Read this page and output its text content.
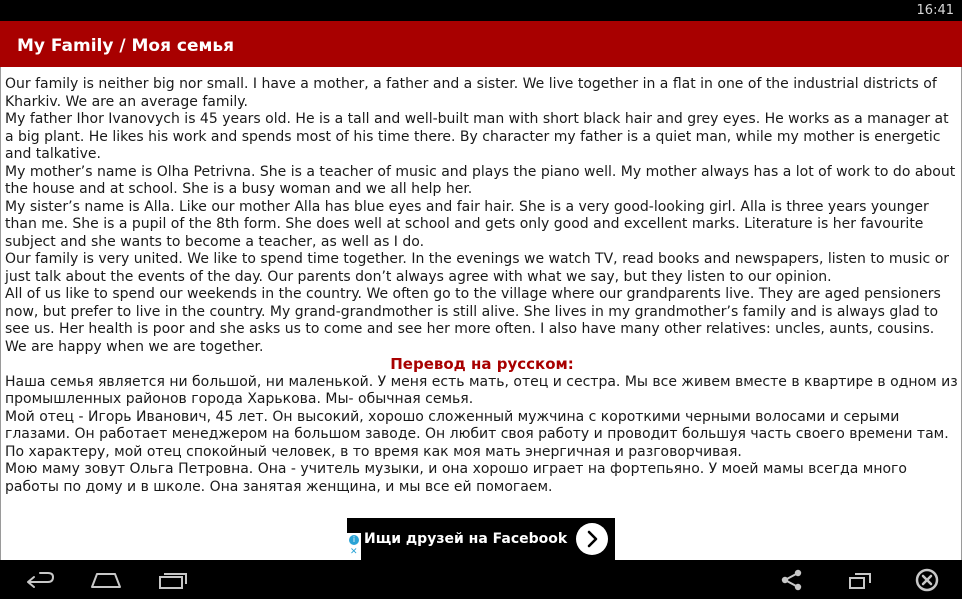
16:41
My Family / Моя семья

Our family is neither big nor small. I have a mother, a father and a sister. We live together in a flat in one of the industrial districts of Kharkiv. We are an average family.

My father Ihor Ivanovych is 45 years old. He is a tall and well-built man with short black hair and grey eyes. He works as a manager at a big plant. He likes his work and spends most of his time there. By character my father is a quiet man, while my mother is energetic and talkative.

My mother’s name is Olha Petrivna. She is a teacher of music and plays the piano well. My mother always has a lot of work to do about the house and at school. She is a busy woman and we all help her.

My sister’s name is Alla. Like our mother Alla has blue eyes and fair hair. She is a very good-looking girl. Alla is three years younger than me. She is a pupil of the 8th form. She does well at school and gets only good and excellent marks. Literature is her favourite subject and she wants to become a teacher, as well as I do.

Our family is very united. We like to spend time together. In the evenings we watch TV, read books and newspapers, listen to music or just talk about the events of the day. Our parents don’t always agree with what we say, but they listen to our opinion.

All of us like to spend our weekends in the country. We often go to the village where our grandparents live. They are aged pensioners now, but prefer to live in the country. My grand-grandmother is still alive. She lives in my grandmother’s family and is always glad to see us. Her health is poor and she asks us to come and see her more often. I also have many other relatives: uncles, aunts, cousins. We are happy when we are together.

Перевод на русском:

Наша семья является ни большой, ни маленькой. У меня есть мать, отец и сестра. Мы все живем вместе в квартире в одном из промышленных районов города Харькова. Мы- обычная семья.

Мой отец - Игорь Иванович, 45 лет. Он высокий, хорошо сложенный мужчина с короткими черными волосами и серыми глазами. Он работает менеджером на большом заводе. Он любит своя работу и проводит большуя часть своего времени там. По характеру, мой отец спокойный человек, в то время как моя мать энергичная и разговорчивая.

Мою маму зовут Ольга Петровна. Она - учитель музыки, и она хорошо играет на фортепьяно. У моей мамы всегда много работы по дому и в школе. Она занятая женщина, и мы все ей помогаем.

i
✕
Ищи друзей на Facebook
